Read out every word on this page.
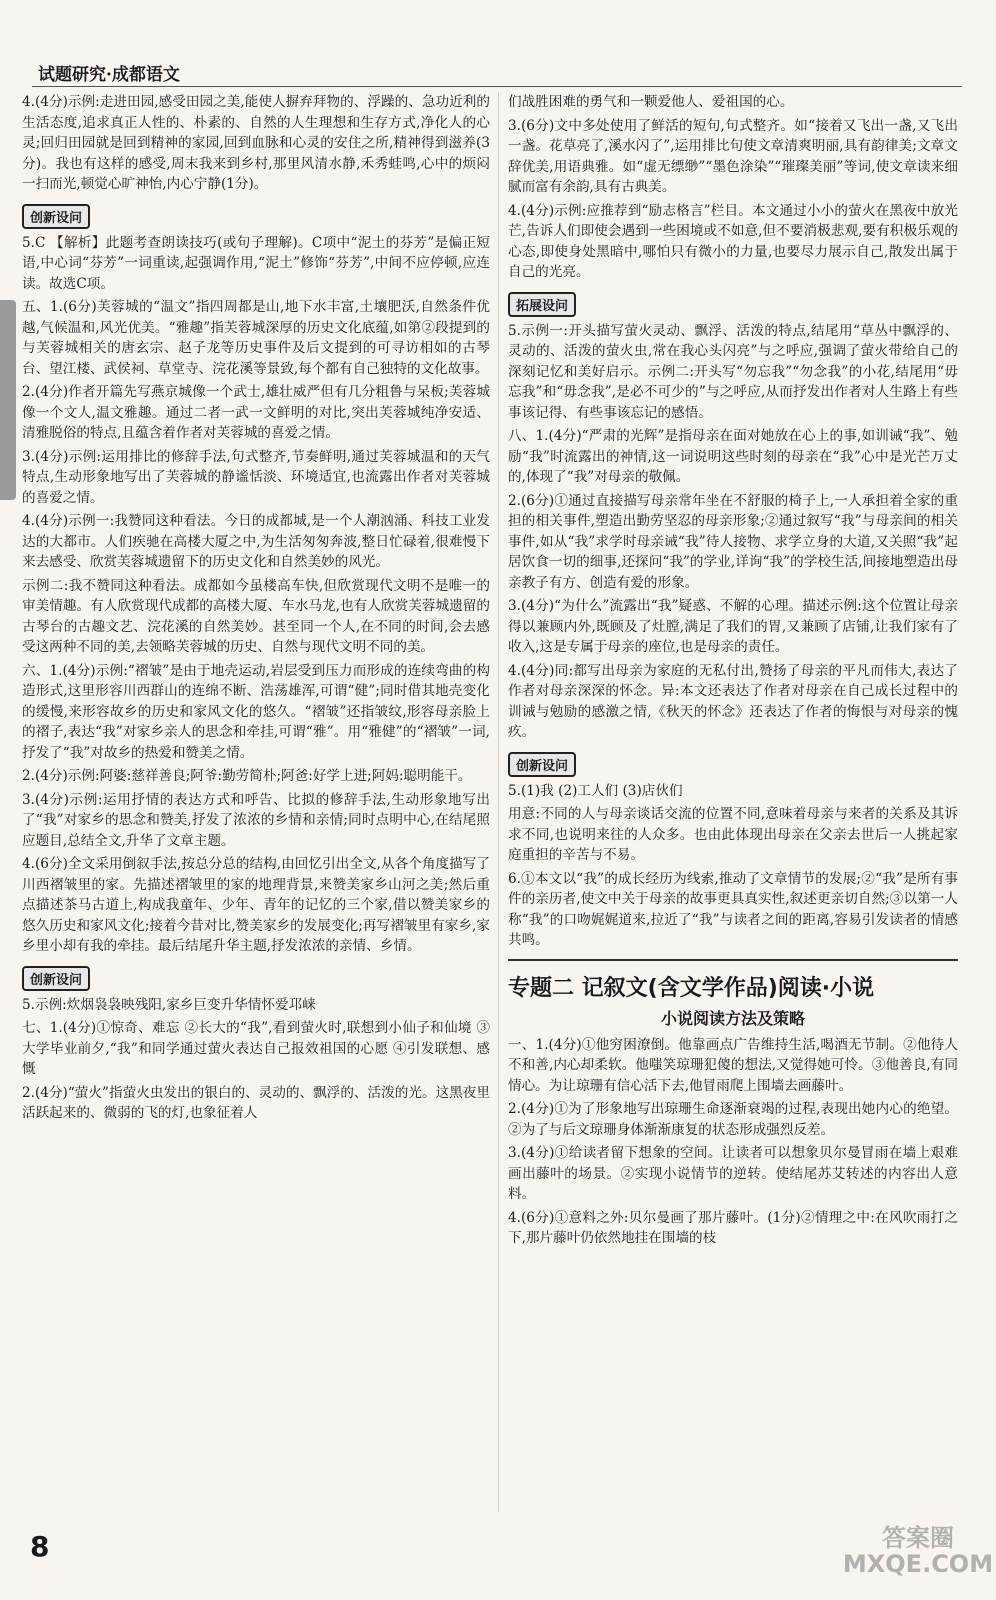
试题研究·成都语文

4.(4分)示例:走进田园,感受田园之美,能使人摒弃拜物的、浮躁的、急功近利的生活态度,追求真正人性的、朴素的、自然的人生理想和生存方式,净化人的心灵;回归田园就是回到精神的家园,回到血脉和心灵的安住之所,精神得到滋养(3分)。我也有这样的感受,周末我来到乡村,那里风清水静,禾秀蛙鸣,心中的烦闷一扫而光,顿觉心旷神怡,内心宁静(1分)。

创新设问

5.C 【解析】此题考查朗读技巧(或句子理解)。C项中“泥土的芬芳”是偏正短语,中心词“芬芳”一词重读,起强调作用,“泥土”修饰“芬芳”,中间不应停顿,应连读。故选C项。

五、1.(6分)芙蓉城的“温文”指四周都是山,地下水丰富,土壤肥沃,自然条件优越,气候温和,风光优美。“雅趣”指芙蓉城深厚的历史文化底蕴,如第②段提到的与芙蓉城相关的唐玄宗、赵子龙等历史事件及后文提到的可寻访相如的古琴台、望江楼、武侯祠、草堂寺、浣花溪等景致,每个都有自己独特的文化故事。

2.(4分)作者开篇先写燕京城像一个武士,雄壮威严但有几分粗鲁与呆板;芙蓉城像一个文人,温文雅趣。通过二者一武一文鲜明的对比,突出芙蓉城纯净安适、清雅脱俗的特点,且蕴含着作者对芙蓉城的喜爱之情。

3.(4分)示例:运用排比的修辞手法,句式整齐,节奏鲜明,通过芙蓉城温和的天气特点,生动形象地写出了芙蓉城的静谧恬淡、环境适宜,也流露出作者对芙蓉城的喜爱之情。

4.(4分)示例一:我赞同这种看法。今日的成都城,是一个人潮汹涌、科技工业发达的大都市。人们疾驰在高楼大厦之中,为生活匆匆奔波,整日忙碌着,很难慢下来去感受、欣赏芙蓉城遗留下的历史文化和自然美妙的风光。

示例二:我不赞同这种看法。成都如今虽楼高车快,但欣赏现代文明不是唯一的审美情趣。有人欣赏现代成都的高楼大厦、车水马龙,也有人欣赏芙蓉城遗留的古琴台的古趣文艺、浣花溪的自然美妙。甚至同一个人,在不同的时间,会去感受这两种不同的美,去领略芙蓉城的历史、自然与现代文明不同的美。

六、1.(4分)示例:“褶皱”是由于地壳运动,岩层受到压力而形成的连续弯曲的构造形式,这里形容川西群山的连绵不断、浩荡雄浑,可谓“健”;同时借其地壳变化的缓慢,来形容故乡的历史和家风文化的悠久。“褶皱”还指皱纹,形容母亲脸上的褶子,表达“我”对家乡亲人的思念和牵挂,可谓“雅”。用“雅健”的“褶皱”一词,抒发了“我”对故乡的热爱和赞美之情。

2.(4分)示例:阿婆:慈祥善良;阿爷:勤劳简朴;阿爸:好学上进;阿妈:聪明能干。

3.(4分)示例:运用抒情的表达方式和呼告、比拟的修辞手法,生动形象地写出了“我”对家乡的思念和赞美,抒发了浓浓的乡情和亲情;同时点明中心,在结尾照应题目,总结全文,升华了文章主题。

4.(6分)全文采用倒叙手法,按总分总的结构,由回忆引出全文,从各个角度描写了川西褶皱里的家。先描述褶皱里的家的地理背景,来赞美家乡山河之美;然后重点描述茶马古道上,构成我童年、少年、青年的记忆的三个家,借以赞美家乡的悠久历史和家风文化;接着今昔对比,赞美家乡的发展变化;再写褶皱里有家乡,家乡里小却有我的牵挂。最后结尾升华主题,抒发浓浓的亲情、乡情。

创新设问

5.示例:炊烟袅袅映残阳,家乡巨变升华情怀爱邛崃

七、1.(4分)①惊奇、难忘 ②长大的“我”,看到萤火时,联想到小仙子和仙境 ③大学毕业前夕,“我”和同学通过萤火表达自己报效祖国的心愿 ④引发联想、感慨

2.(4分)“萤火”指萤火虫发出的银白的、灵动的、飘浮的、活泼的光。这黑夜里活跃起来的、微弱的飞的灯,也象征着人

们战胜困难的勇气和一颗爱他人、爱祖国的心。

3.(6分)文中多处使用了鲜活的短句,句式整齐。如“接着又飞出一盏,又飞出一盏。花草亮了,溪水闪了”,运用排比句使文章清爽明丽,具有韵律美;文章文辞优美,用语典雅。如“虚无缥缈”“墨色涂染”“璀璨美丽”等词,使文章读来细腻而富有余韵,具有古典美。

4.(4分)示例:应推荐到“励志格言”栏目。本文通过小小的萤火在黑夜中放光芒,告诉人们即使会遇到一些困境或不如意,但不要消极悲观,要有积极乐观的心态,即使身处黑暗中,哪怕只有微小的力量,也要尽力展示自己,散发出属于自己的光亮。

拓展设问

5.示例一:开头描写萤火灵动、飘浮、活泼的特点,结尾用“草丛中飘浮的、灵动的、活泼的萤火虫,常在我心头闪亮”与之呼应,强调了萤火带给自己的深刻记忆和美好启示。示例二:开头写“勿忘我”“勿念我”的小花,结尾用“毋忘我”和“毋念我”,是必不可少的”与之呼应,从而抒发出作者对人生路上有些事该记得、有些事该忘记的感悟。

八、1.(4分)“严肃的光辉”是指母亲在面对她放在心上的事,如训诫“我”、勉励“我”时流露出的神情,这一词说明这些时刻的母亲在“我”心中是光芒万丈的,体现了“我”对母亲的敬佩。

2.(6分)①通过直接描写母亲常年坐在不舒服的椅子上,一人承担着全家的重担的相关事件,塑造出勤劳坚忍的母亲形象;②通过叙写“我”与母亲间的相关事件,如从“我”求学时母亲诫“我”待人接物、求学立身的大道,又关照“我”起居饮食一切的细事,还探问“我”的学业,详询“我”的学校生活,间接地塑造出母亲教子有方、创造有爱的形象。

3.(4分)“为什么”流露出“我”疑惑、不解的心理。描述示例:这个位置让母亲得以兼顾内外,既顾及了灶膛,满足了我们的胃,又兼顾了店铺,让我们家有了收入,这是专属于母亲的座位,也是母亲的责任。

4.(4分)同:都写出母亲为家庭的无私付出,赞扬了母亲的平凡而伟大,表达了作者对母亲深深的怀念。异:本文还表达了作者对母亲在自己成长过程中的训诫与勉励的感激之情,《秋天的怀念》还表达了作者的悔恨与对母亲的愧疚。

创新设问

5.(1)我 (2)工人们 (3)店伙们

用意:不同的人与母亲谈话交流的位置不同,意味着母亲与来者的关系及其诉求不同,也说明来往的人众多。也由此体现出母亲在父亲去世后一人挑起家庭重担的辛苦与不易。

6.①本文以“我”的成长经历为线索,推动了文章情节的发展;②“我”是所有事件的亲历者,使文中关于母亲的故事更具真实性,叙述更亲切自然;③以第一人称“我”的口吻娓娓道来,拉近了“我”与读者之间的距离,容易引发读者的情感共鸣。

专题二 记叙文(含文学作品)阅读·小说
小说阅读方法及策略

一、1.(4分)①他穷困潦倒。他靠画点广告维持生活,喝酒无节制。②他待人不和善,内心却柔软。他嗤笑琼珊犯傻的想法,又觉得她可怜。③他善良,有同情心。为让琼珊有信心活下去,他冒雨爬上围墙去画藤叶。

2.(4分)①为了形象地写出琼珊生命逐渐衰竭的过程,表现出她内心的绝望。②为了与后文琼珊身体渐渐康复的状态形成强烈反差。

3.(4分)①给读者留下想象的空间。让读者可以想象贝尔曼冒雨在墙上艰难画出藤叶的场景。②实现小说情节的逆转。使结尾苏艾转述的内容出人意料。

4.(6分)①意料之外:贝尔曼画了那片藤叶。(1分)②情理之中:在风吹雨打之下,那片藤叶仍依然地挂在围墙的枝

8	答案圈 MXQE.COM
